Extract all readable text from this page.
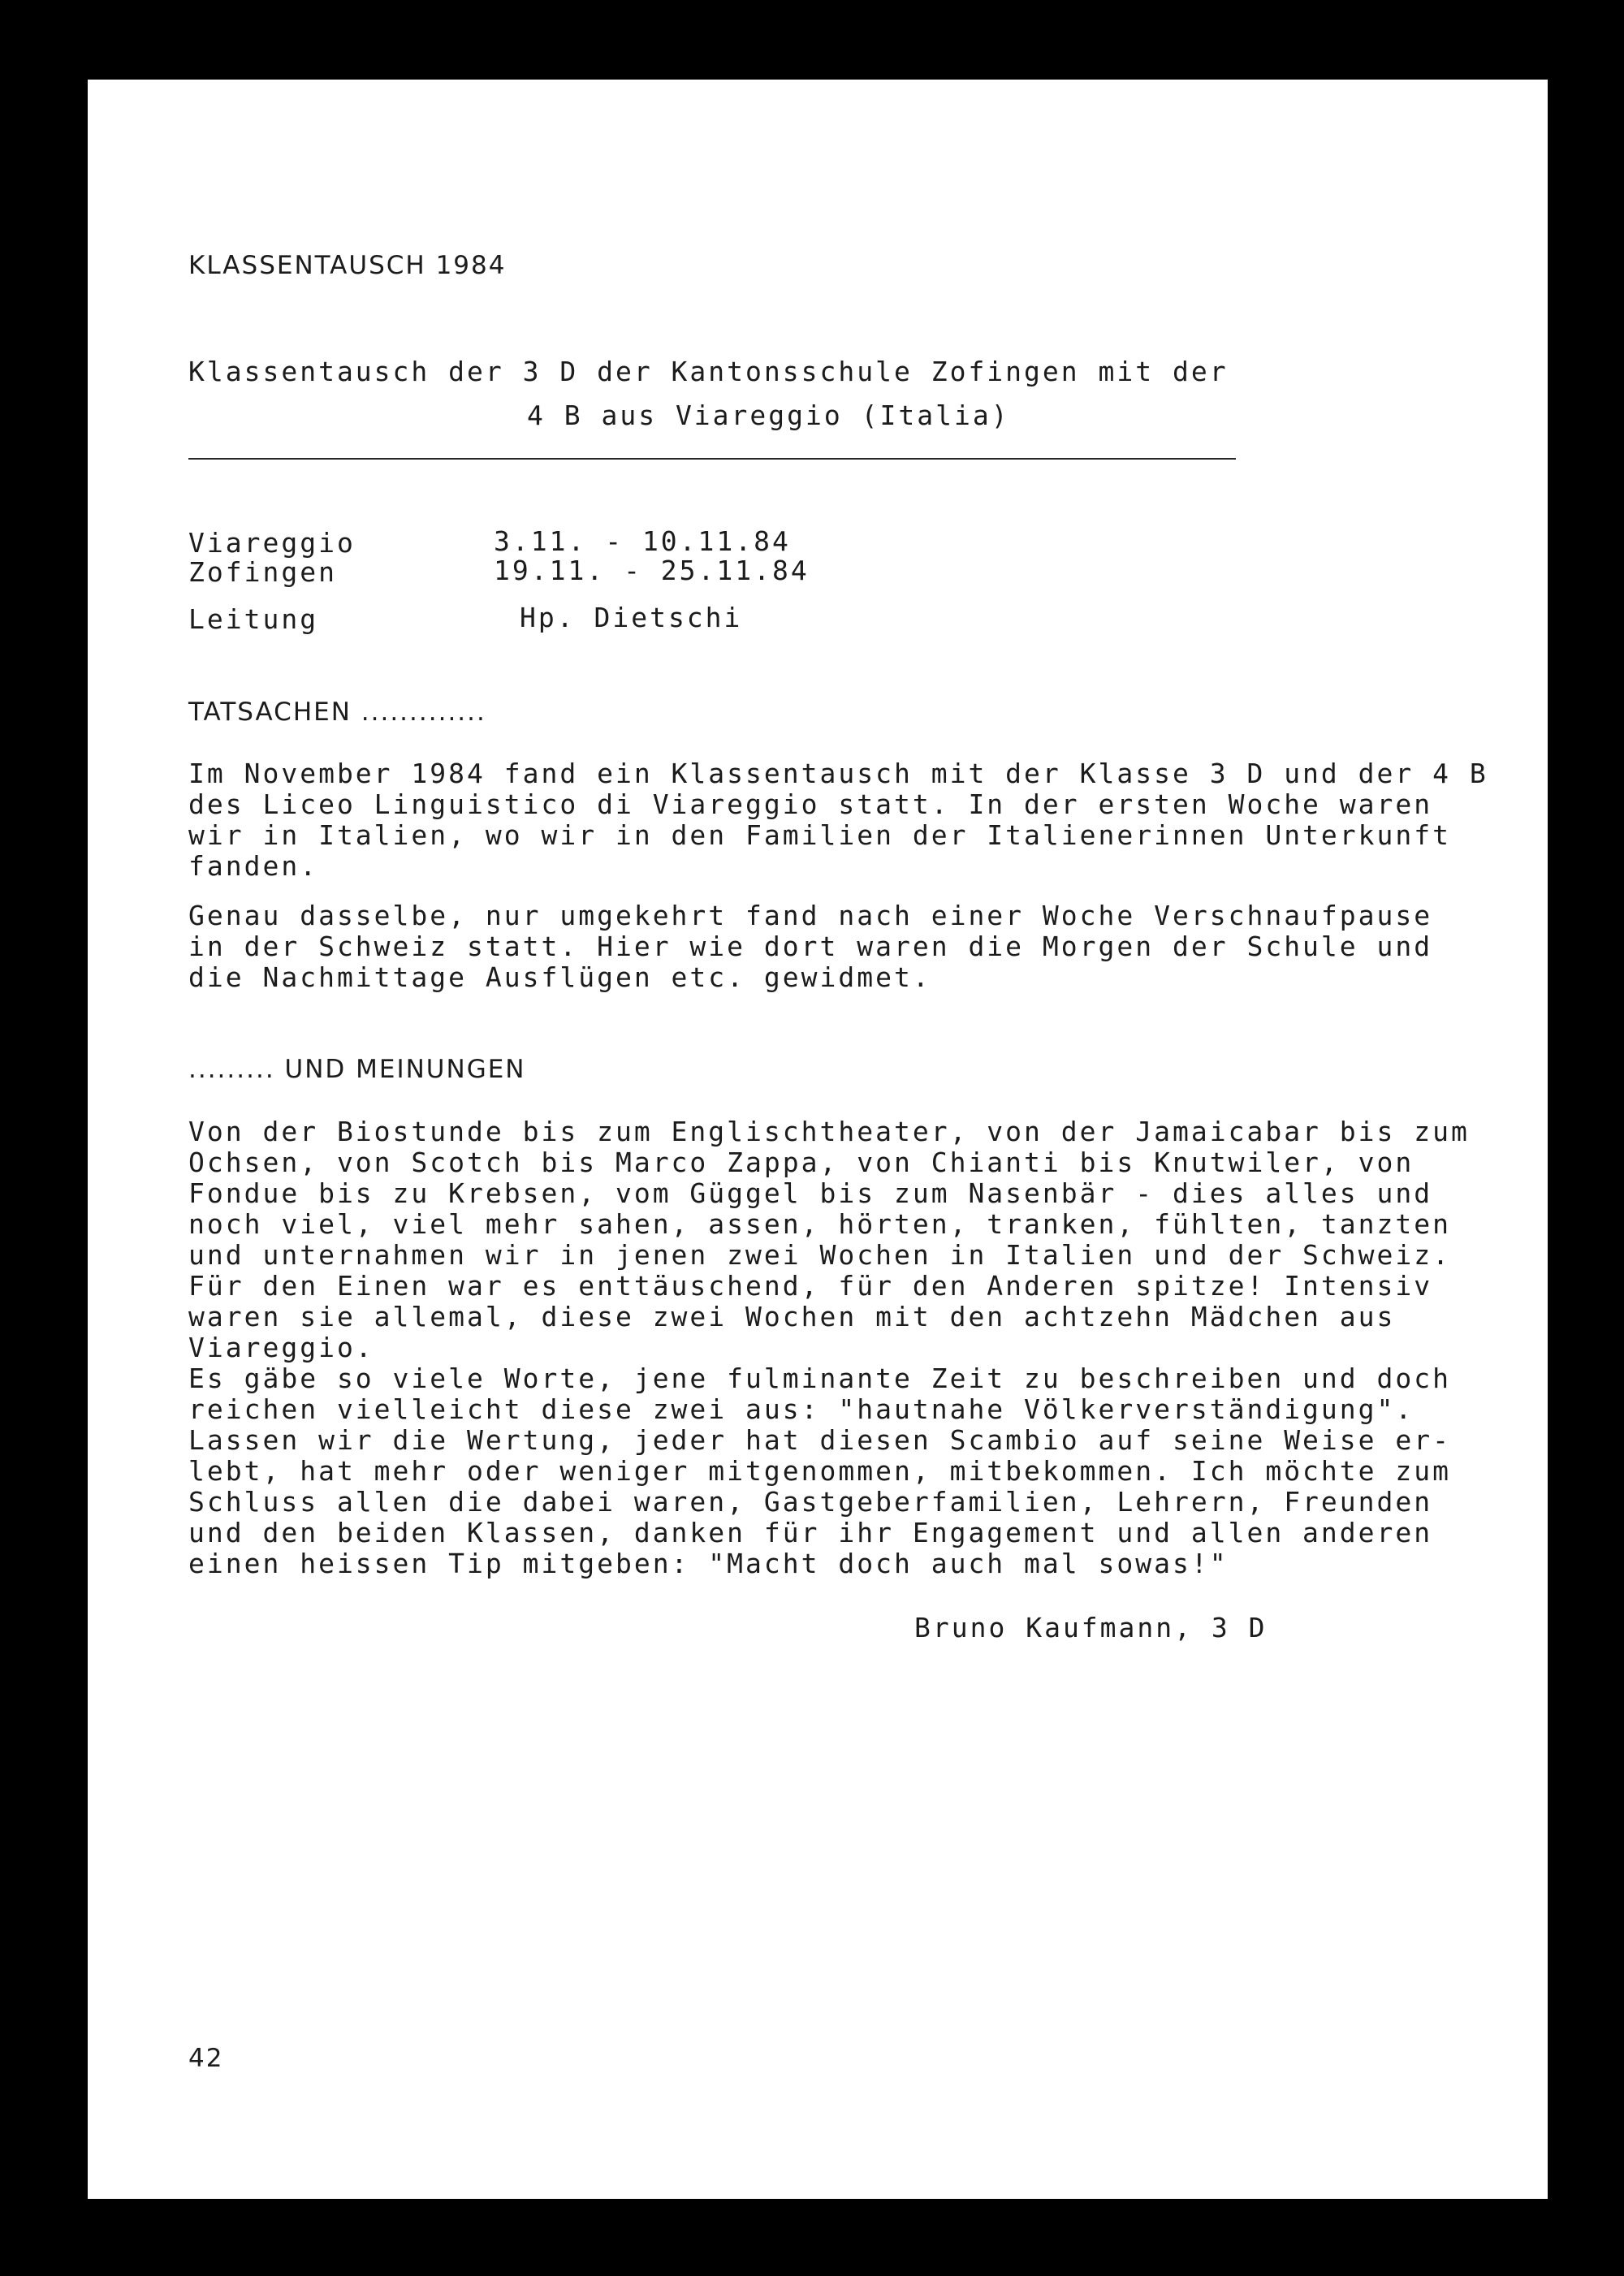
KLASSENTAUSCH 1984
Klassentausch der 3 D der Kantonsschule Zofingen mit der
4 B aus Viareggio (Italia)
Viareggio	3.11. - 10.11.84
Zofingen	19.11. - 25.11.84
Leitung	Hp. Dietschi
TATSACHEN .............
Im November 1984 fand ein Klassentausch mit der Klasse 3 D und der 4 B
des Liceo Linguistico di Viareggio statt. In der ersten Woche waren
wir in Italien, wo wir in den Familien der Italienerinnen Unterkunft
fanden.
Genau dasselbe, nur umgekehrt fand nach einer Woche Verschnaufpause
in der Schweiz statt. Hier wie dort waren die Morgen der Schule und
die Nachmittage Ausflügen etc. gewidmet.
......... UND MEINUNGEN
Von der Biostunde bis zum Englischtheater, von der Jamaicabar bis zum
Ochsen, von Scotch bis Marco Zappa, von Chianti bis Knutwiler, von
Fondue bis zu Krebsen, vom Güggel bis zum Nasenbär - dies alles und
noch viel, viel mehr sahen, assen, hörten, tranken, fühlten, tanzten
und unternahmen wir in jenen zwei Wochen in Italien und der Schweiz.
Für den Einen war es enttäuschend, für den Anderen spitze! Intensiv
waren sie allemal, diese zwei Wochen mit den achtzehn Mädchen aus
Viareggio.
Es gäbe so viele Worte, jene fulminante Zeit zu beschreiben und doch
reichen vielleicht diese zwei aus: "hautnahe Völkerverständigung".
Lassen wir die Wertung, jeder hat diesen Scambio auf seine Weise er-
lebt, hat mehr oder weniger mitgenommen, mitbekommen. Ich möchte zum
Schluss allen die dabei waren, Gastgeberfamilien, Lehrern, Freunden
und den beiden Klassen, danken für ihr Engagement und allen anderen
einen heissen Tip mitgeben: "Macht doch auch mal sowas!"
Bruno Kaufmann, 3 D
42
